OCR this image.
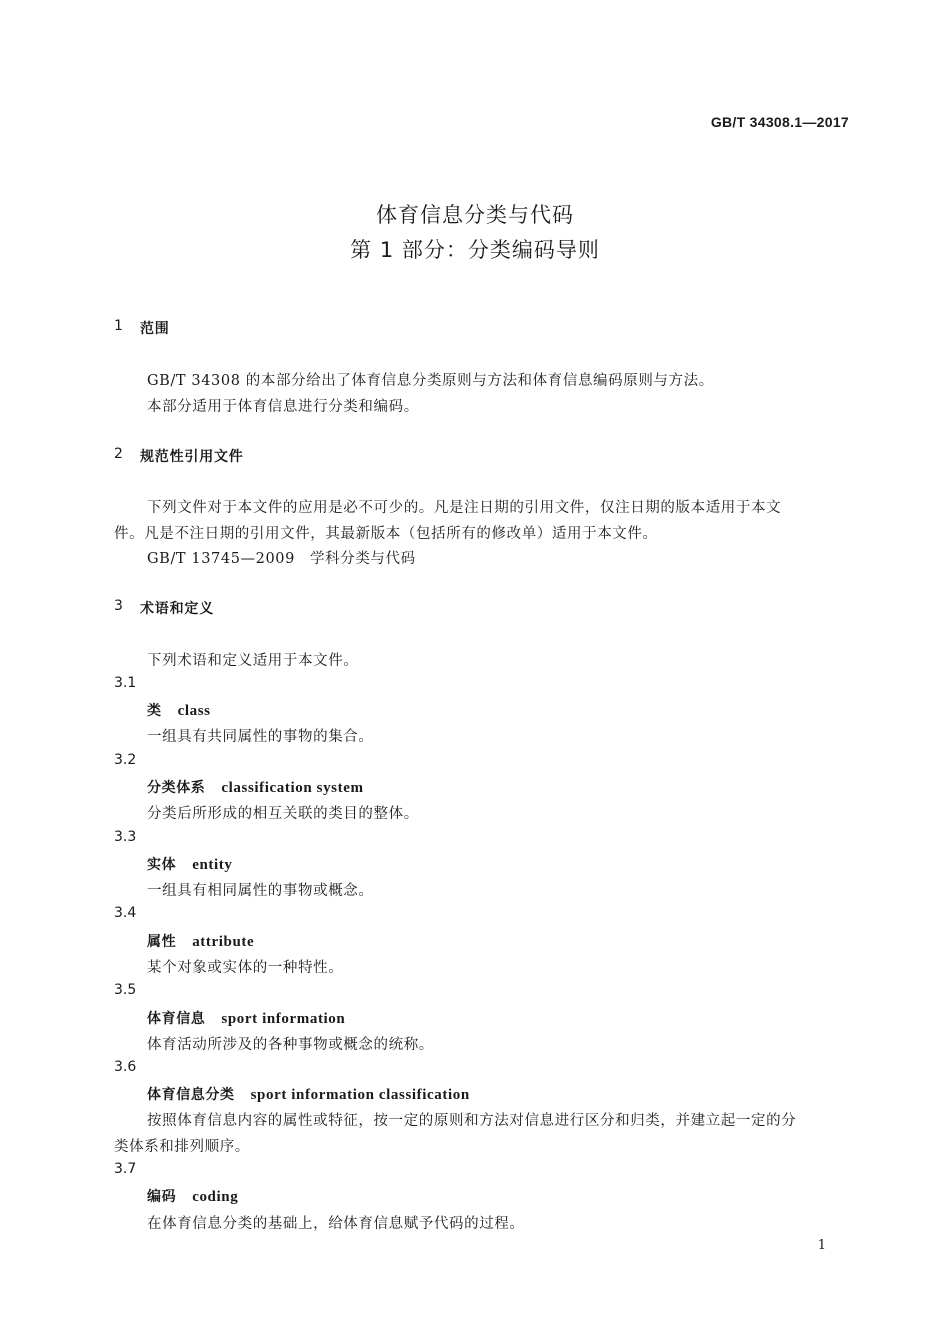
GB/T 34308.1—2017
体育信息分类与代码
第 1 部分：分类编码导则
1 范围
GB/T 34308 的本部分给出了体育信息分类原则与方法和体育信息编码原则与方法。
本部分适用于体育信息进行分类和编码。
2 规范性引用文件
下列文件对于本文件的应用是必不可少的。凡是注日期的引用文件，仅注日期的版本适用于本文
件。凡是不注日期的引用文件，其最新版本（包括所有的修改单）适用于本文件。
GB/T 13745—2009　学科分类与代码
3 术语和定义
下列术语和定义适用于本文件。
3.1
类 class
一组具有共同属性的事物的集合。
3.2
分类体系 classification system
分类后所形成的相互关联的类目的整体。
3.3
实体 entity
一组具有相同属性的事物或概念。
3.4
属性 attribute
某个对象或实体的一种特性。
3.5
体育信息 sport information
体育活动所涉及的各种事物或概念的统称。
3.6
体育信息分类 sport information classification
按照体育信息内容的属性或特征，按一定的原则和方法对信息进行区分和归类，并建立起一定的分
类体系和排列顺序。
3.7
编码 coding
在体育信息分类的基础上，给体育信息赋予代码的过程。
1
